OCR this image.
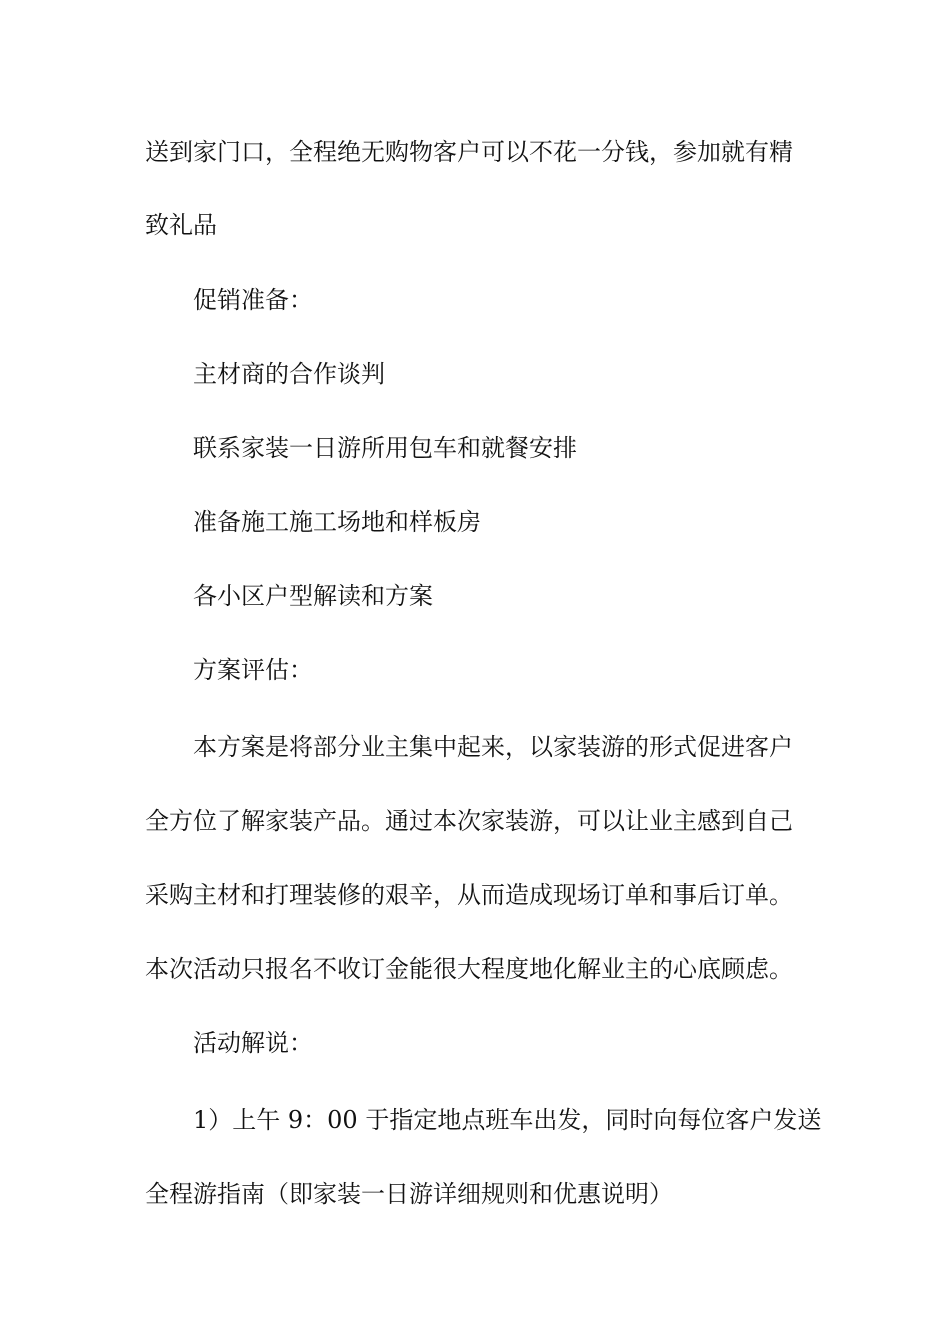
送到家门口，全程绝无购物客户可以不花一分钱，参加就有精
致礼品
促销准备：
主材商的合作谈判
联系家装一日游所用包车和就餐安排
准备施工施工场地和样板房
各小区户型解读和方案
方案评估：
本方案是将部分业主集中起来，以家装游的形式促进客户
全方位了解家装产品。通过本次家装游，可以让业主感到自己
采购主材和打理装修的艰辛，从而造成现场订单和事后订单。
本次活动只报名不收订金能很大程度地化解业主的心底顾虑。
活动解说：
1）上午 9：00 于指定地点班车出发，同时向每位客户发送
全程游指南（即家装一日游详细规则和优惠说明）
